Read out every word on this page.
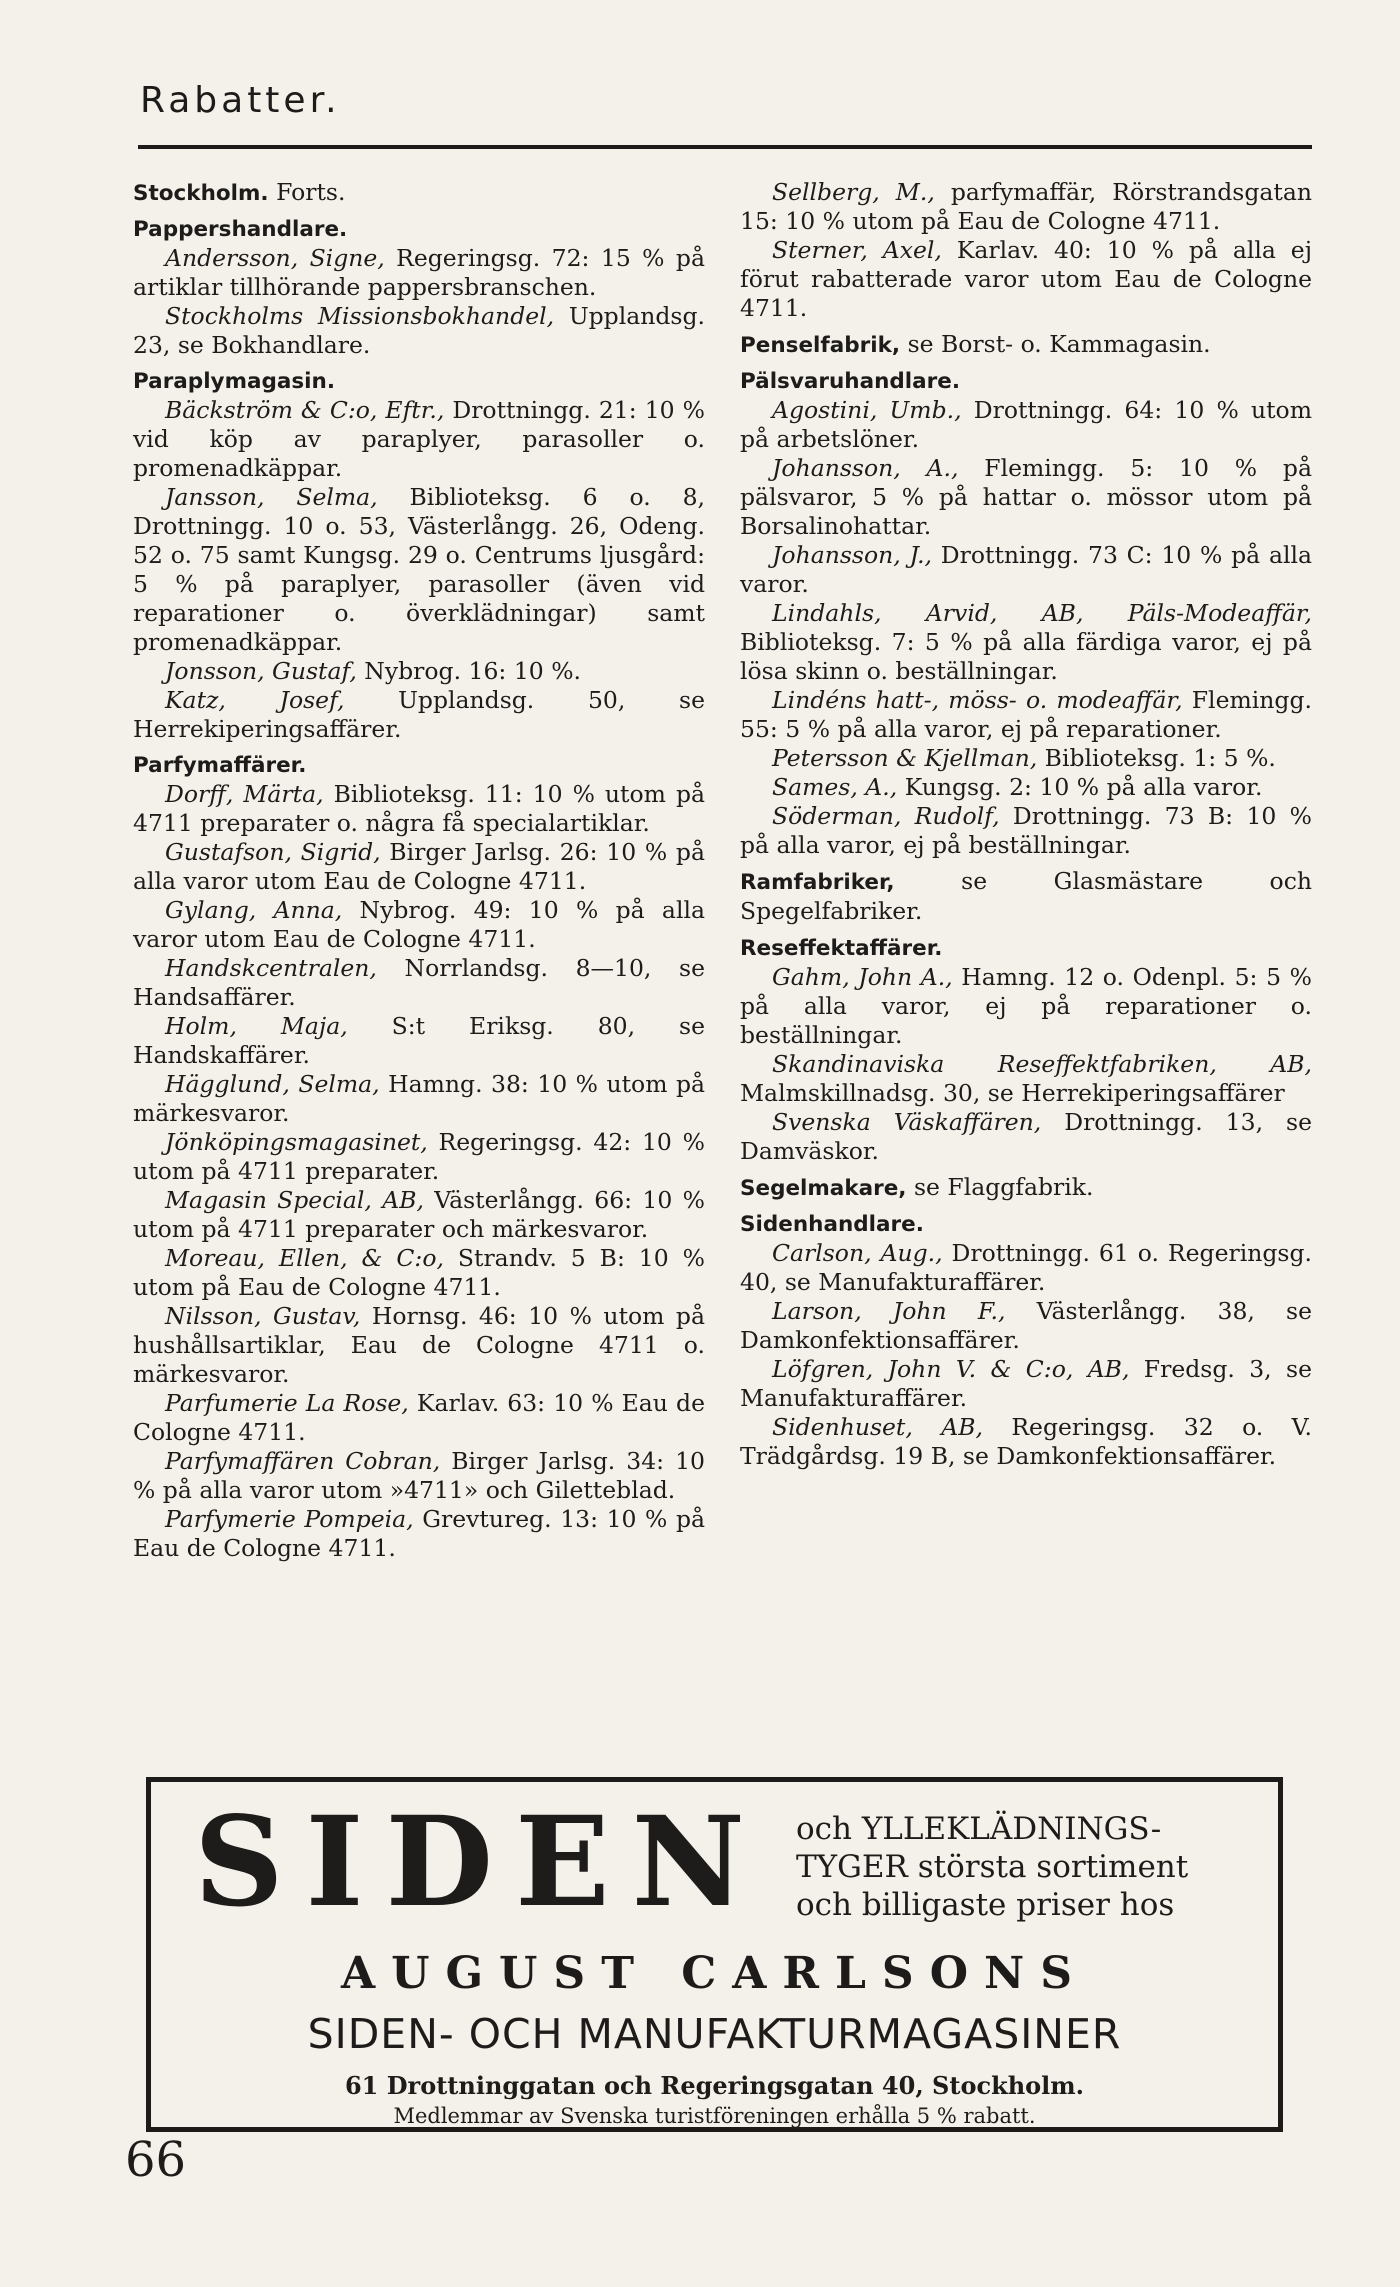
Rabatter.

Stockholm. Forts.

Pappershandlare.

Andersson, Signe, Regeringsg. 72: 15 % på artiklar tillhörande pappersbranschen.

Stockholms Missionsbokhandel, Upplandsg. 23, se Bokhandlare.

Paraplymagasin.

Bäckström & C:o, Eftr., Drottningg. 21: 10 % vid köp av paraplyer, parasoller o. promenadkäppar.

Jansson, Selma, Biblioteksg. 6 o. 8, Drottningg. 10 o. 53, Västerlångg. 26, Odeng. 52 o. 75 samt Kungsg. 29 o. Centrums ljusgård: 5 % på paraplyer, parasoller (även vid reparationer o. överklädningar) samt promenadkäppar.

Jonsson, Gustaf, Nybrog. 16: 10 %.

Katz, Josef, Upplandsg. 50, se Herrekiperingsaffärer.

Parfymaffärer.

Dorff, Märta, Biblioteksg. 11: 10 % utom på 4711 preparater o. några få specialartiklar.

Gustafson, Sigrid, Birger Jarlsg. 26: 10 % på alla varor utom Eau de Cologne 4711.

Gylang, Anna, Nybrog. 49: 10 % på alla varor utom Eau de Cologne 4711.

Handskcentralen, Norrlandsg. 8—10, se Handsaffärer.

Holm, Maja, S:t Eriksg. 80, se Handskaffärer.

Hägglund, Selma, Hamng. 38: 10 % utom på märkesvaror.

Jönköpingsmagasinet, Regeringsg. 42: 10 % utom på 4711 preparater.

Magasin Special, AB, Västerlångg. 66: 10 % utom på 4711 preparater och märkesvaror.

Moreau, Ellen, & C:o, Strandv. 5 B: 10 % utom på Eau de Cologne 4711.

Nilsson, Gustav, Hornsg. 46: 10 % utom på hushållsartiklar, Eau de Cologne 4711 o. märkesvaror.

Parfumerie La Rose, Karlav. 63: 10 % Eau de Cologne 4711.

Parfymaffären Cobran, Birger Jarlsg. 34: 10 % på alla varor utom »4711» och Giletteblad.

Parfymerie Pompeia, Grevtureg. 13: 10 % på Eau de Cologne 4711.

Sellberg, M., parfymaffär, Rörstrandsgatan 15: 10 % utom på Eau de Cologne 4711.

Sterner, Axel, Karlav. 40: 10 % på alla ej förut rabatterade varor utom Eau de Cologne 4711.

Penselfabrik, se Borst- o. Kammagasin.

Pälsvaruhandlare.

Agostini, Umb., Drottningg. 64: 10 % utom på arbetslöner.

Johansson, A., Flemingg. 5: 10 % på pälsvaror, 5 % på hattar o. mössor utom på Borsalinohattar.

Johansson, J., Drottningg. 73 C: 10 % på alla varor.

Lindahls, Arvid, AB, Päls-Modeaffär, Biblioteksg. 7: 5 % på alla färdiga varor, ej på lösa skinn o. beställningar.

Lindéns hatt-, möss- o. modeaffär, Flemingg. 55: 5 % på alla varor, ej på reparationer.

Petersson & Kjellman, Biblioteksg. 1: 5 %.

Sames, A., Kungsg. 2: 10 % på alla varor.

Söderman, Rudolf, Drottningg. 73 B: 10 % på alla varor, ej på beställningar.

Ramfabriker, se Glasmästare och Spegelfabriker.

Reseffektaffärer.

Gahm, John A., Hamng. 12 o. Odenpl. 5: 5 % på alla varor, ej på reparationer o. beställningar.

Skandinaviska Reseffektfabriken, AB, Malmskillnadsg. 30, se Herrekiperingsaffärer

Svenska Väskaffären, Drottningg. 13, se Damväskor.

Segelmakare, se Flaggfabrik.

Sidenhandlare.

Carlson, Aug., Drottningg. 61 o. Regeringsg. 40, se Manufakturaffärer.

Larson, John F., Västerlångg. 38, se Damkonfektionsaffärer.

Löfgren, John V. & C:o, AB, Fredsg. 3, se Manufakturaffärer.

Sidenhuset, AB, Regeringsg. 32 o. V. Trädgårdsg. 19 B, se Damkonfektionsaffärer.

SIDEN och YLLEKLÄDNINGS-
TYGER största sortiment
och billigaste priser hos

AUGUST CARLSONS
SIDEN- OCH MANUFAKTURMAGASINER
61 Drottninggatan och Regeringsgatan 40, Stockholm.
Medlemmar av Svenska turistföreningen erhålla 5 % rabatt.
66
